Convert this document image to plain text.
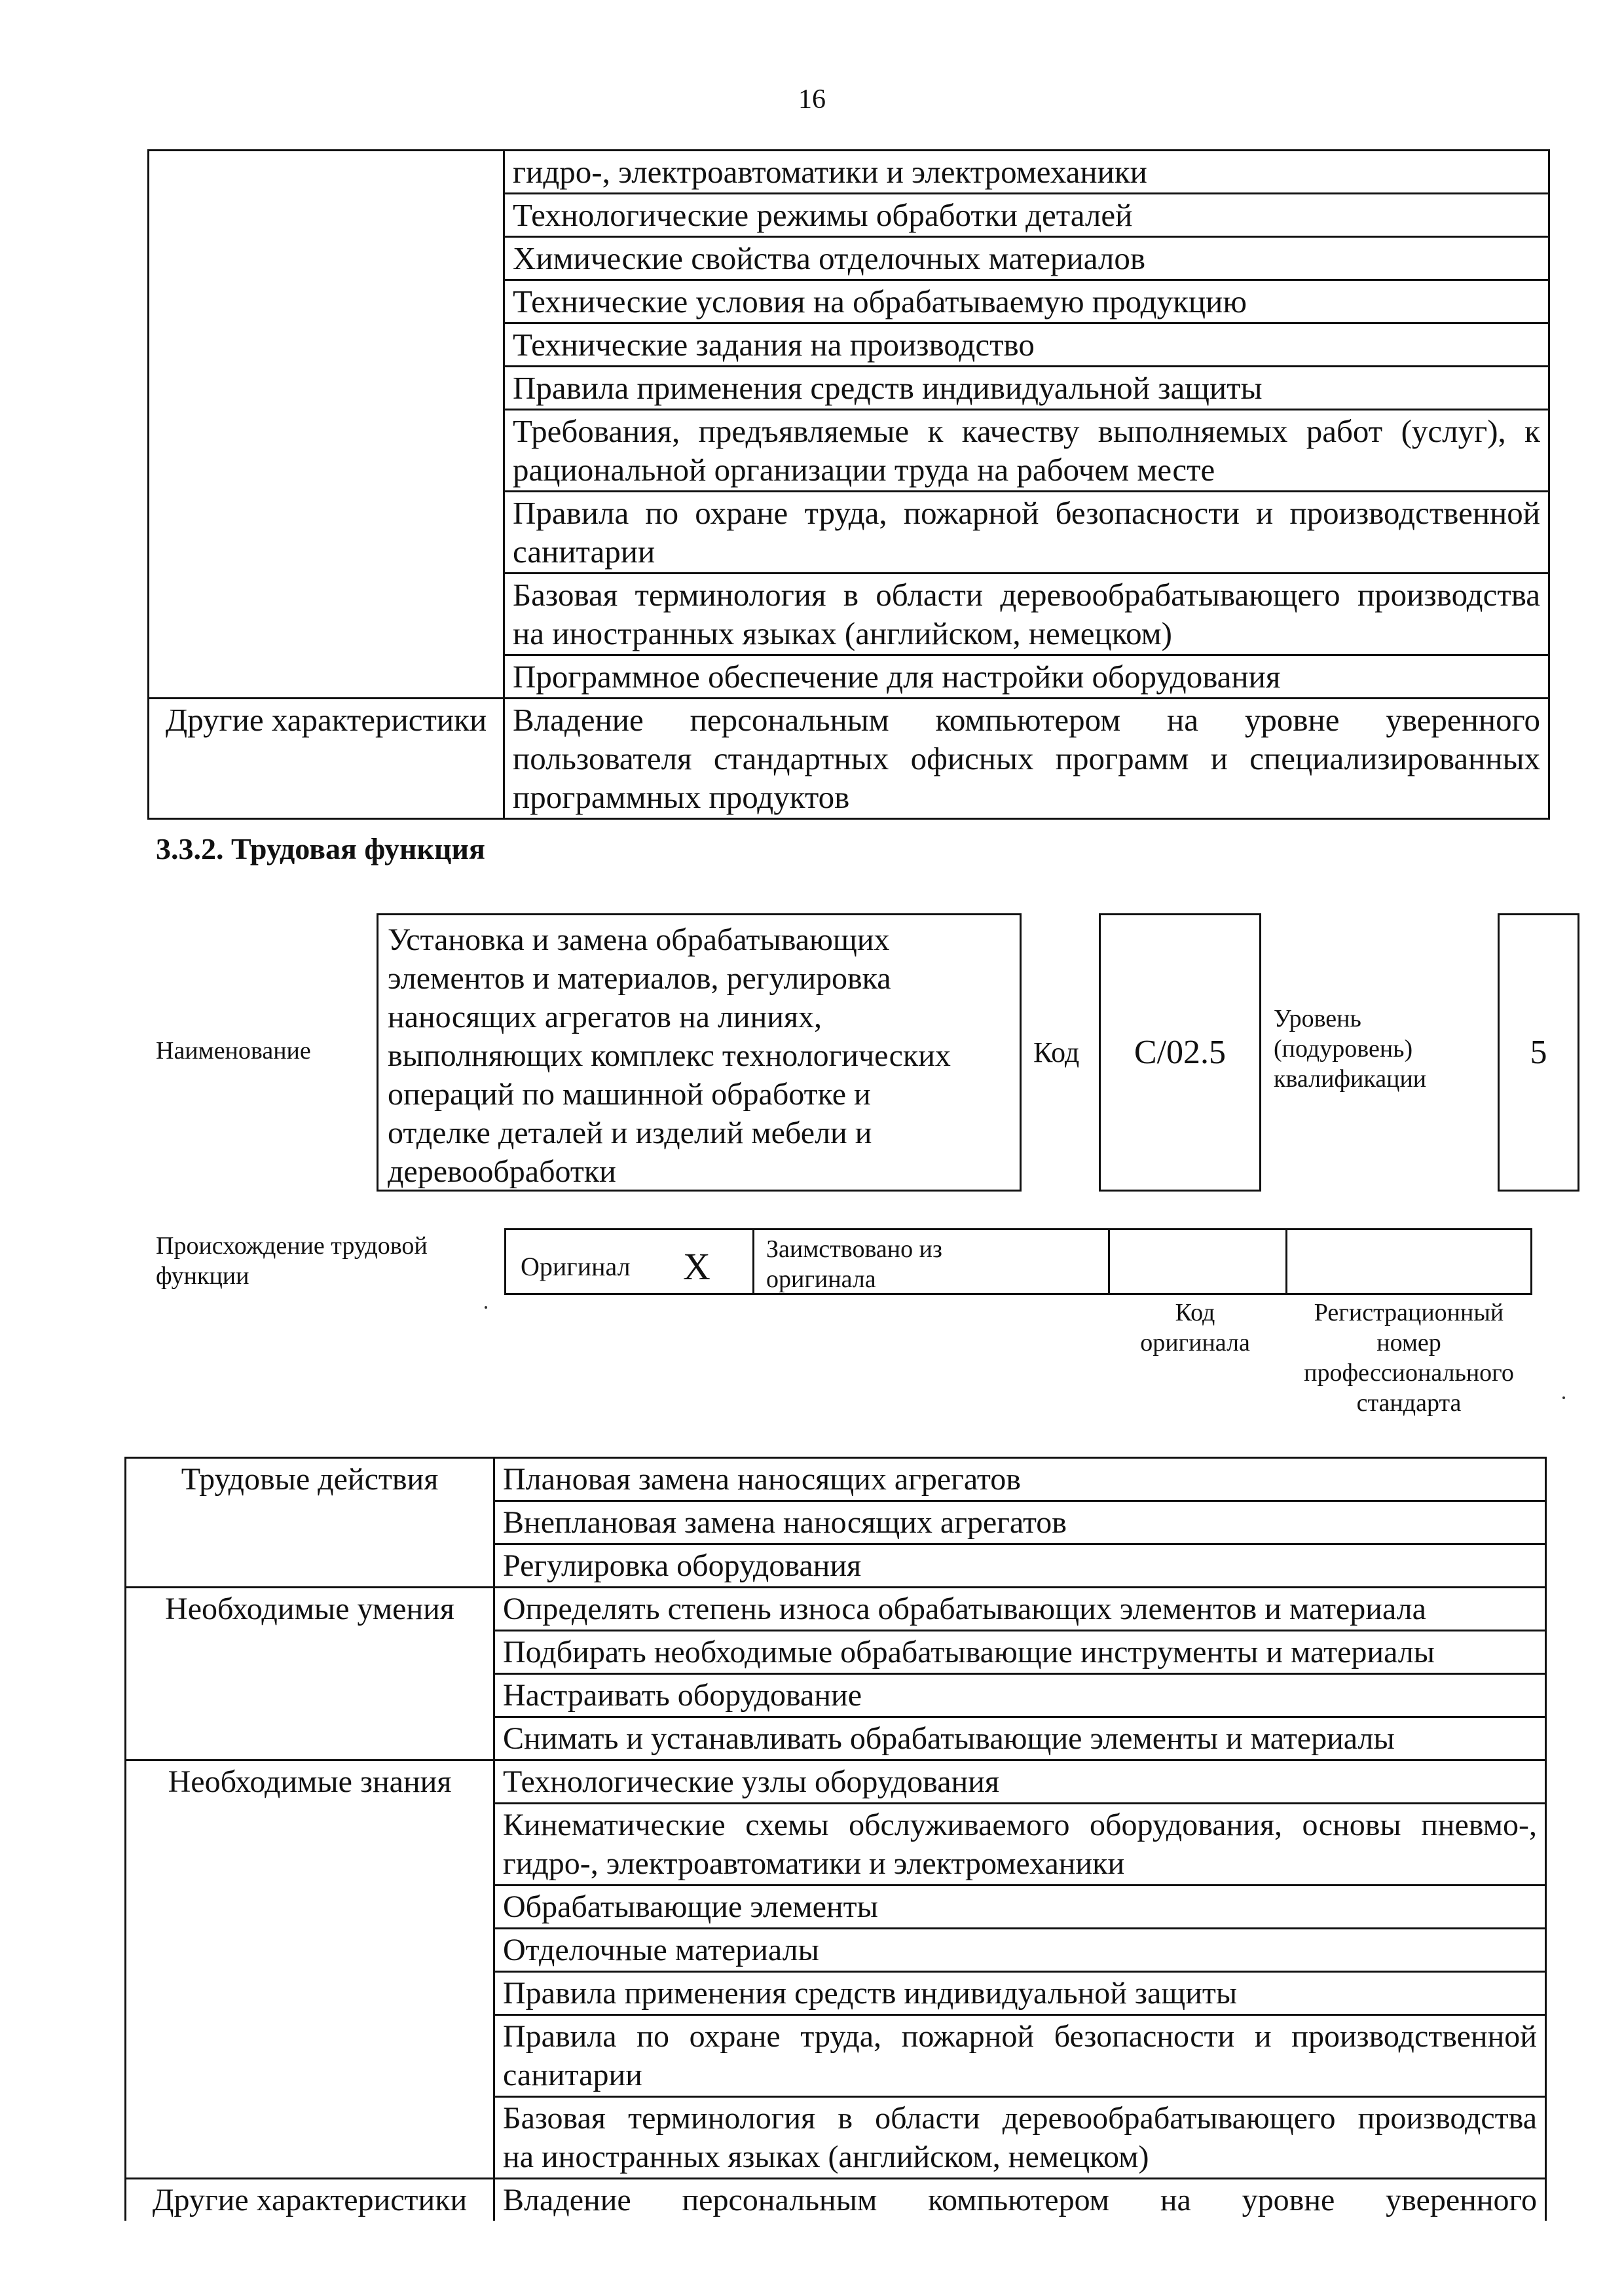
16
	гидро-, электроавтоматики и электромеханики
	Технологические режимы обработки деталей
	Химические свойства отделочных материалов
	Технические условия на обрабатываемую продукцию
	Технические задания на производство
	Правила применения средств индивидуальной защиты

	Требования, предъявляемые к качеству выполняемых работ (услуг), к
рациональной организации труда на рабочем месте

	Правила по охране труда, пожарной безопасности и производственной
санитарии

	Базовая терминология в области деревообрабатывающего производства
на иностранных языках (английском, немецком)

	Программное обеспечение для настройки оборудования
Другие характеристики	Владение персональным компьютером на уровне уверенного
пользователя стандартных офисных программ и специализированных
программных продуктов
3.3.2. Трудовая функция
Наименование
Установка и замена обрабатывающих
элементов и материалов, регулировка
наносящих агрегатов на линиях,
выполняющих комплекс технологических
операций по машинной обработке и
отделке деталей и изделий мебели и
деревообработки
Код C/02.5
Уровень
(подуровень)
квалификации
5
Происхождение трудовой
функции	Оригинал X Заимствовано из
оригинала
Код
оригинала
Регистрационный
номер
профессионального
стандарта
Трудовые действия	Плановая замена наносящих агрегатов
	Внеплановая замена наносящих агрегатов
	Регулировка оборудования
Необходимые умения	Определять степень износа обрабатывающих элементов и материала
	Подбирать необходимые обрабатывающие инструменты и материалы
	Настраивать оборудование
	Снимать и устанавливать обрабатывающие элементы и материалы
Необходимые знания	Технологические узлы оборудования

	Кинематические схемы обслуживаемого оборудования, основы пневмо-,
гидро-, электроавтоматики и электромеханики

	Обрабатывающие элементы
	Отделочные материалы
	Правила применения средств индивидуальной защиты

	Правила по охране труда, пожарной безопасности и производственной
санитарии

	Базовая терминология в области деревообрабатывающего производства
на иностранных языках (английском, немецком)

Другие характеристики	Владение персональным компьютером на уровне уверенного
